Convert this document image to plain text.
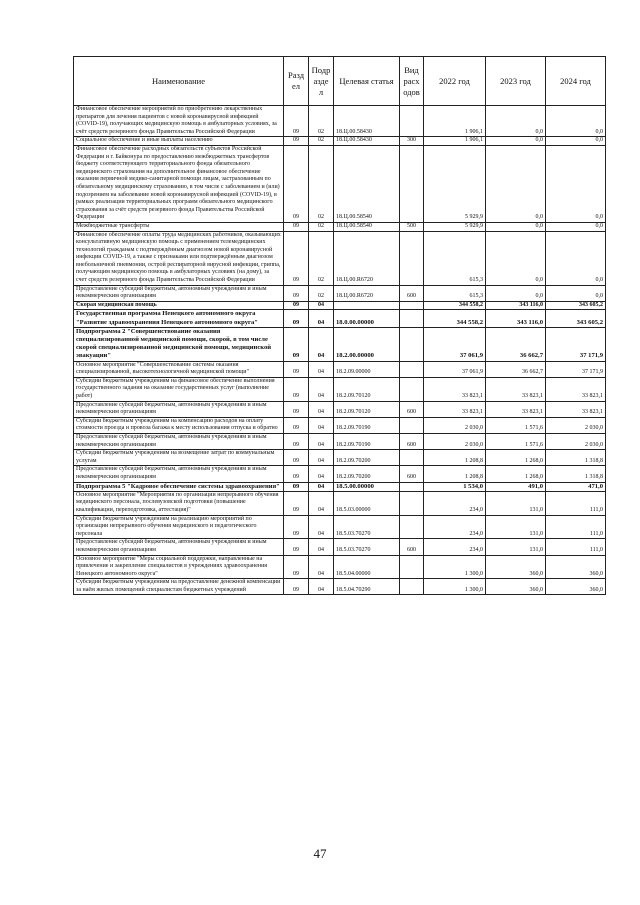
Наименование	Разд ел	Подр азде л	Целевая статья	Вид расх одов	2022 год	2023 год	2024 год
Финансовое обеспечение мероприятий по приобретению лекарственных препаратов для лечения пациентов с новой коронавирусной инфекцией (COVID-19), получающих медицинскую помощь в амбулаторных условиях, за счёт средств резервного фонда Правительства Российской Федерации	09	02	18.Ц.00.58430		1 906,1	0,0	0,0
Социальное обеспечение и иные выплаты населению	09	02	18.Ц.00.58430	300	1 906,1	0,0	0,0
Финансовое обеспечение расходных обязательств субъектов Российской Федерации и г. Байконура по предоставлению межбюджетных трансфертов бюджету соответствующего территориального фонда обязательного медицинского страхования на дополнительное финансовое обеспечение оказания первичной медико-санитарной помощи лицам, застрахованным по обязательному медицинскому страхованию, в том числе с заболеванием и (или) подозрением на заболевание новой коронавирусной инфекцией (COVID-19), в рамках реализации территориальных программ обязательного медицинского страхования за счёт средств резервного фонда Правительства Российской Федерации	09	02	18.Ц.00.58540		5 929,9	0,0	0,0
Межбюджетные трансферты	09	02	18.Ц.00.58540	500	5 929,9	0,0	0,0
Финансовое обеспечение оплаты труда медицинских работников, оказывающих консультативную медицинскую помощь с применением телемедицинских технологий гражданам с подтверждённым диагнозом новой коронавирусной инфекции COVID-19, а также с признаками или подтверждённым диагнозом внебольничной пневмонии, острой респираторной вирусной инфекции, гриппа, получающим медицинскую помощь в амбулаторных условиях (на дому), за счет средств резервного фонда Правительства Российской Федерации	09	02	18.Ц.00.R6720		615,3	0,0	0,0
Предоставление субсидий бюджетным, автономным учреждениям и иным некоммерческим организациям	09	02	18.Ц.00.R6720	600	615,3	0,0	0,0
Скорая медицинская помощь	09	04			344 558,2	343 116,0	343 605,2
Государственная программа Ненецкого автономного округа "Развитие здравоохранения Ненецкого автономного округа"	09	04	18.0.00.00000		344 558,2	343 116,0	343 605,2
Подпрограмма 2 "Совершенствование оказания специализированной медицинской помощи, скорой, в том числе скорой специализированной медицинской помощи, медицинской эвакуации"	09	04	18.2.00.00000		37 061,9	36 662,7	37 171,9
Основное мероприятие "Совершенствование системы оказания специализированной, высокотехнологичной медицинской помощи"	09	04	18.2.09.00000		37 061,9	36 662,7	37 171,9
Субсидии бюджетным учреждениям на финансовое обеспечение выполнения государственного задания на оказание государственных услуг (выполнение работ)	09	04	18.2.09.70120		33 823,1	33 823,1	33 823,1
Предоставление субсидий бюджетным, автономным учреждениям и иным некоммерческим организациям	09	04	18.2.09.70120	600	33 823,1	33 823,1	33 823,1
Субсидии бюджетным учреждениям на компенсацию расходов на оплату стоимости проезда и провоза багажа к месту использования отпуска и обратно	09	04	18.2.09.70190		2 030,0	1 571,6	2 030,0
Предоставление субсидий бюджетным, автономным учреждениям и иным некоммерческим организациям	09	04	18.2.09.70190	600	2 030,0	1 571,6	2 030,0
Субсидии бюджетным учреждениям на возмещение затрат по коммунальным услугам	09	04	18.2.09.70200		1 208,8	1 268,0	1 318,8
Предоставление субсидий бюджетным, автономным учреждениям и иным некоммерческим организациям	09	04	18.2.09.70200	600	1 208,8	1 268,0	1 318,8
Подпрограмма 5 "Кадровое обеспечение системы здравоохранения"	09	04	18.5.00.00000		1 534,0	491,0	471,0
Основное мероприятие "Мероприятия по организации непрерывного обучения медицинского персонала, послевузовской подготовки (повышение квалификации, переподготовка, аттестация)"	09	04	18.5.03.00000		234,0	131,0	111,0
Субсидии бюджетным учреждениям на реализацию мероприятий по организации непрерывного обучения медицинского и педагогического персонала	09	04	18.5.03.70270		234,0	131,0	111,0
Предоставление субсидий бюджетным, автономным учреждениям и иным некоммерческим организациям	09	04	18.5.03.70270	600	234,0	131,0	111,0
Основное мероприятие "Меры социальной поддержки, направленные на привлечение и закрепление специалистов в учреждениях здравоохранения Ненецкого автономного округа"	09	04	18.5.04.00000		1 300,0	360,0	360,0
Субсидии бюджетным учреждениям на предоставление денежной компенсации за наём жилых помещений специалистам бюджетных учреждений	09	04	18.5.04.70290		1 300,0	360,0	360,0
47
